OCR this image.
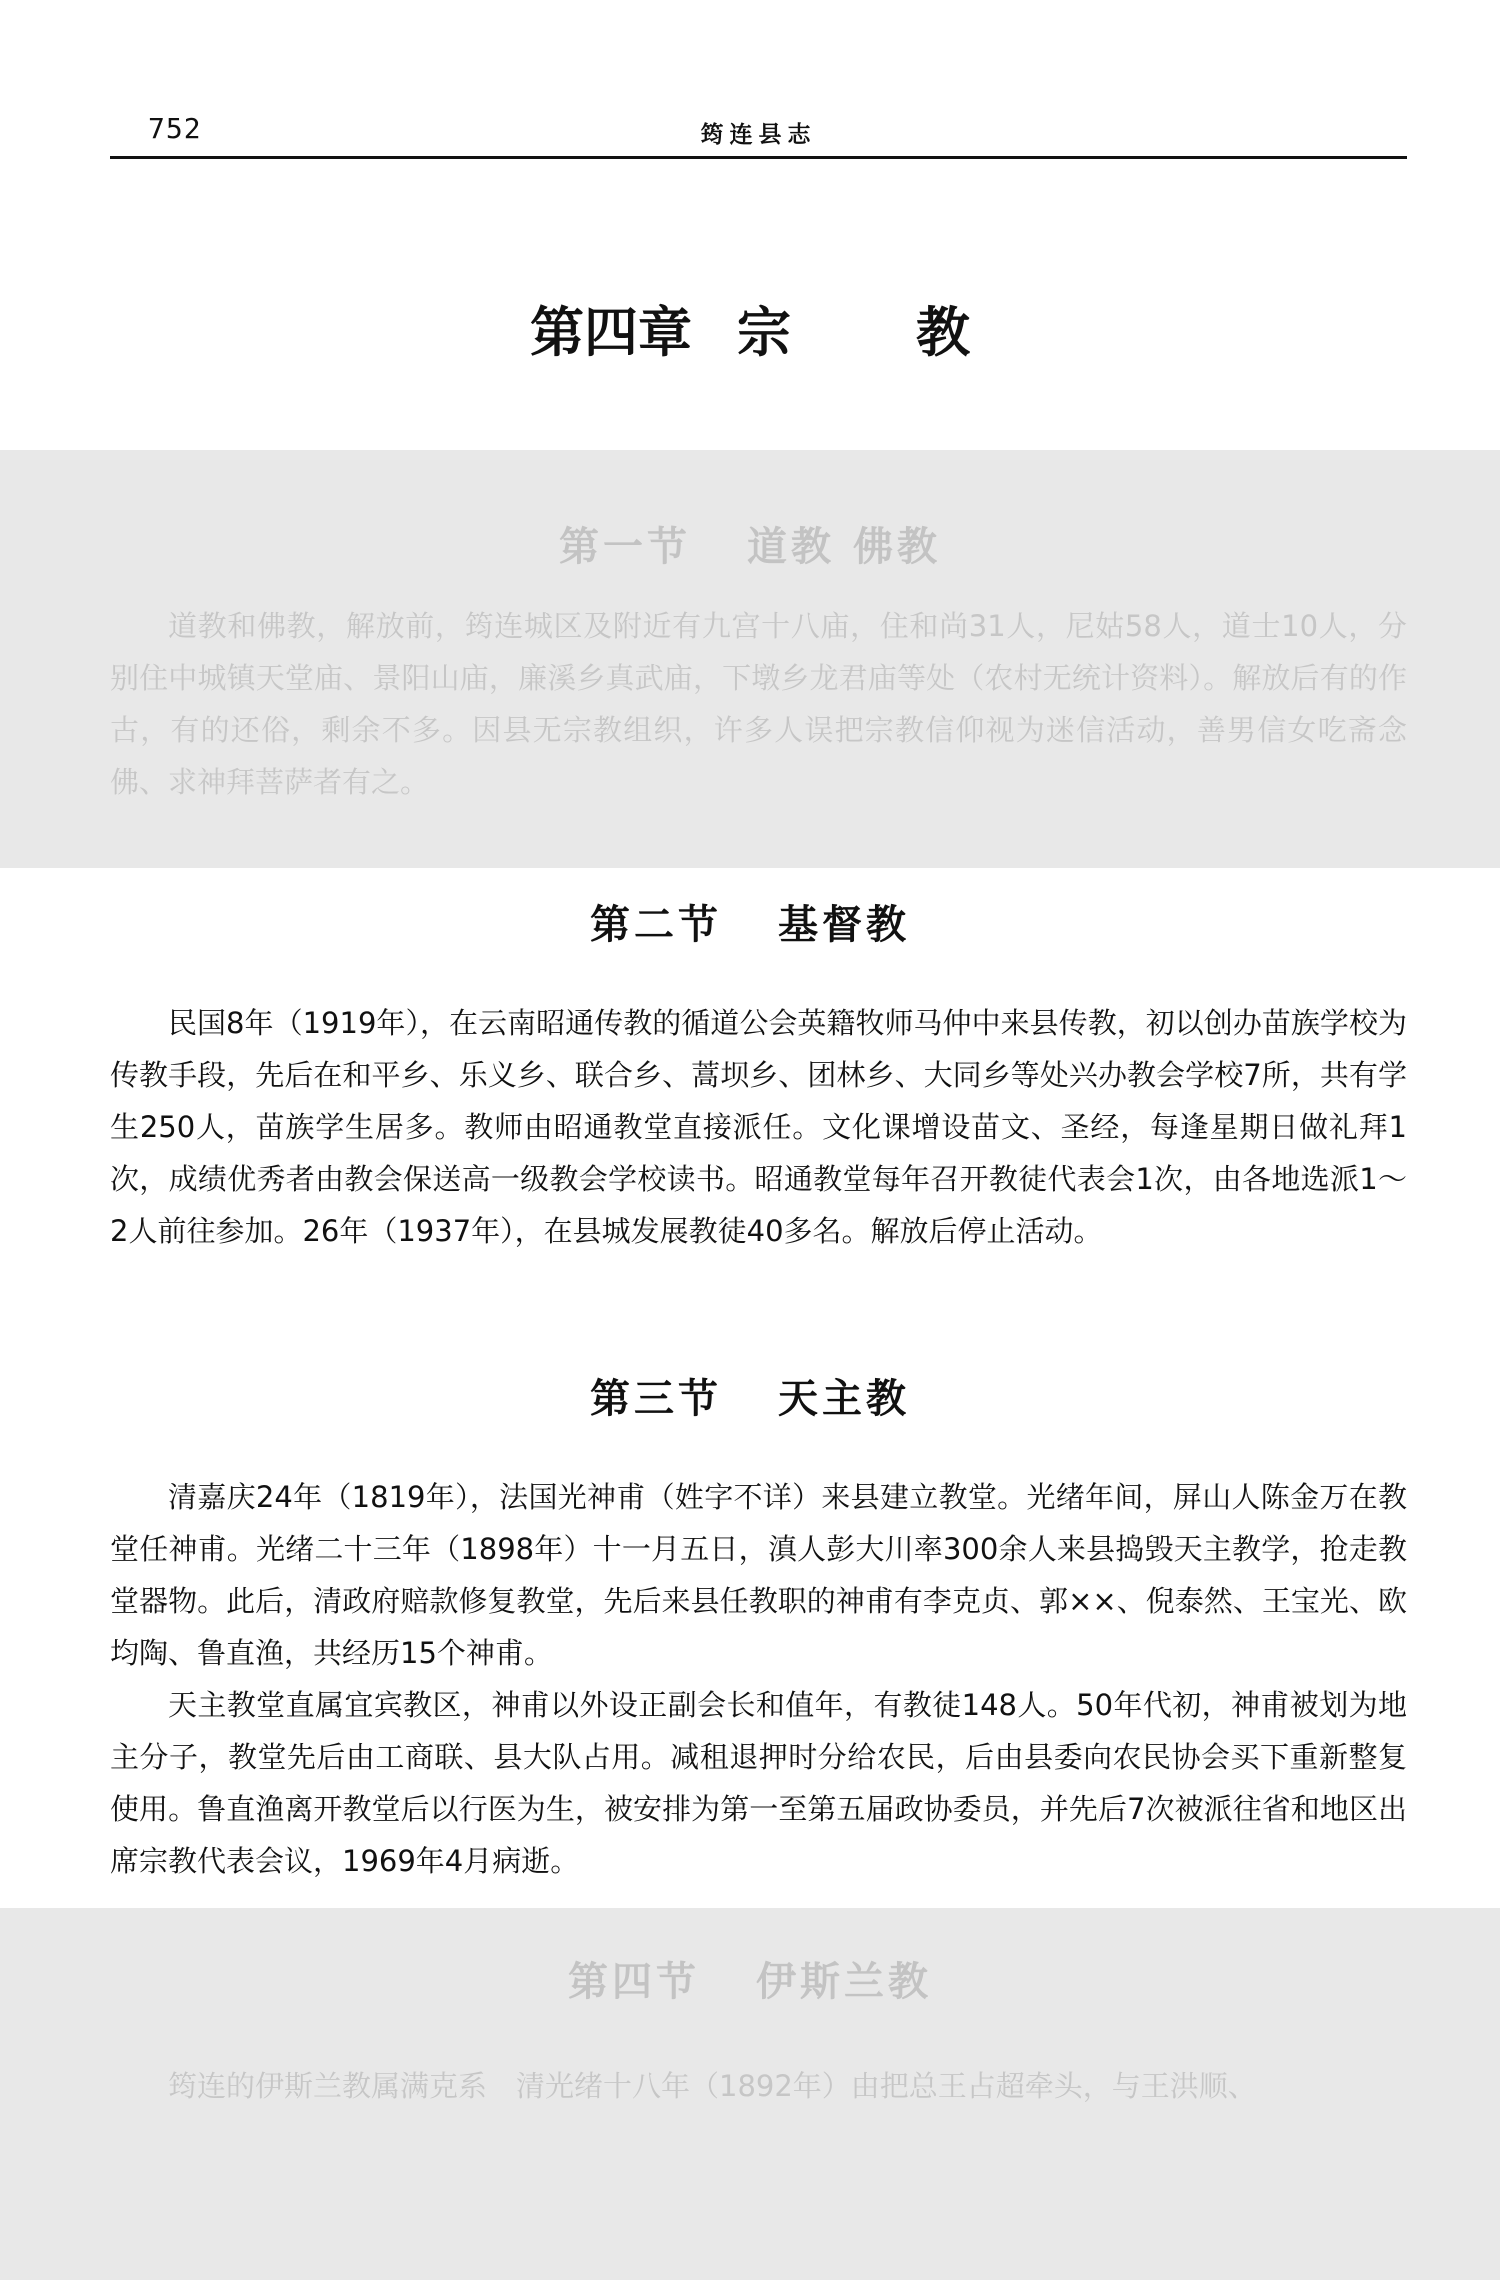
752	筠连县志
第四章 宗 教
第一节 道教 佛教

道教和佛教，解放前，筠连城区及附近有九宫十八庙，住和尚31人，尼姑58人，道士10人，分别住中城镇天堂庙、景阳山庙，廉溪乡真武庙，下墩乡龙君庙等处（农村无统计资料）。解放后有的作古，有的还俗，剩余不多。因县无宗教组织，许多人误把宗教信仰视为迷信活动，善男信女吃斋念佛、求神拜菩萨者有之。

第二节 基督教

民国8年（1919年），在云南昭通传教的循道公会英籍牧师马仲中来县传教，初以创办苗族学校为传教手段，先后在和平乡、乐义乡、联合乡、蒿坝乡、团林乡、大同乡等处兴办教会学校7所，共有学生250人，苗族学生居多。教师由昭通教堂直接派任。文化课增设苗文、圣经，每逢星期日做礼拜1次，成绩优秀者由教会保送高一级教会学校读书。昭通教堂每年召开教徒代表会1次，由各地选派1～2人前往参加。26年（1937年），在县城发展教徒40多名。解放后停止活动。

第三节 天主教

清嘉庆24年（1819年），法国光神甫（姓字不详）来县建立教堂。光绪年间，屏山人陈金万在教堂任神甫。光绪二十三年（1898年）十一月五日，滇人彭大川率300余人来县捣毁天主教学，抢走教堂器物。此后，清政府赔款修复教堂，先后来县任教职的神甫有李克贞、郭××、倪泰然、王宝光、欧均陶、鲁直渔，共经历15个神甫。

天主教堂直属宜宾教区，神甫以外设正副会长和值年，有教徒148人。50年代初，神甫被划为地主分子，教堂先后由工商联、县大队占用。减租退押时分给农民，后由县委向农民协会买下重新整复使用。鲁直渔离开教堂后以行医为生，被安排为第一至第五届政协委员，并先后7次被派往省和地区出席宗教代表会议，1969年4月病逝。

第四节 伊斯兰教

筠连的伊斯兰教属满克系　清光绪十八年（1892年）由把总王占超牵头，与王洪顺、
